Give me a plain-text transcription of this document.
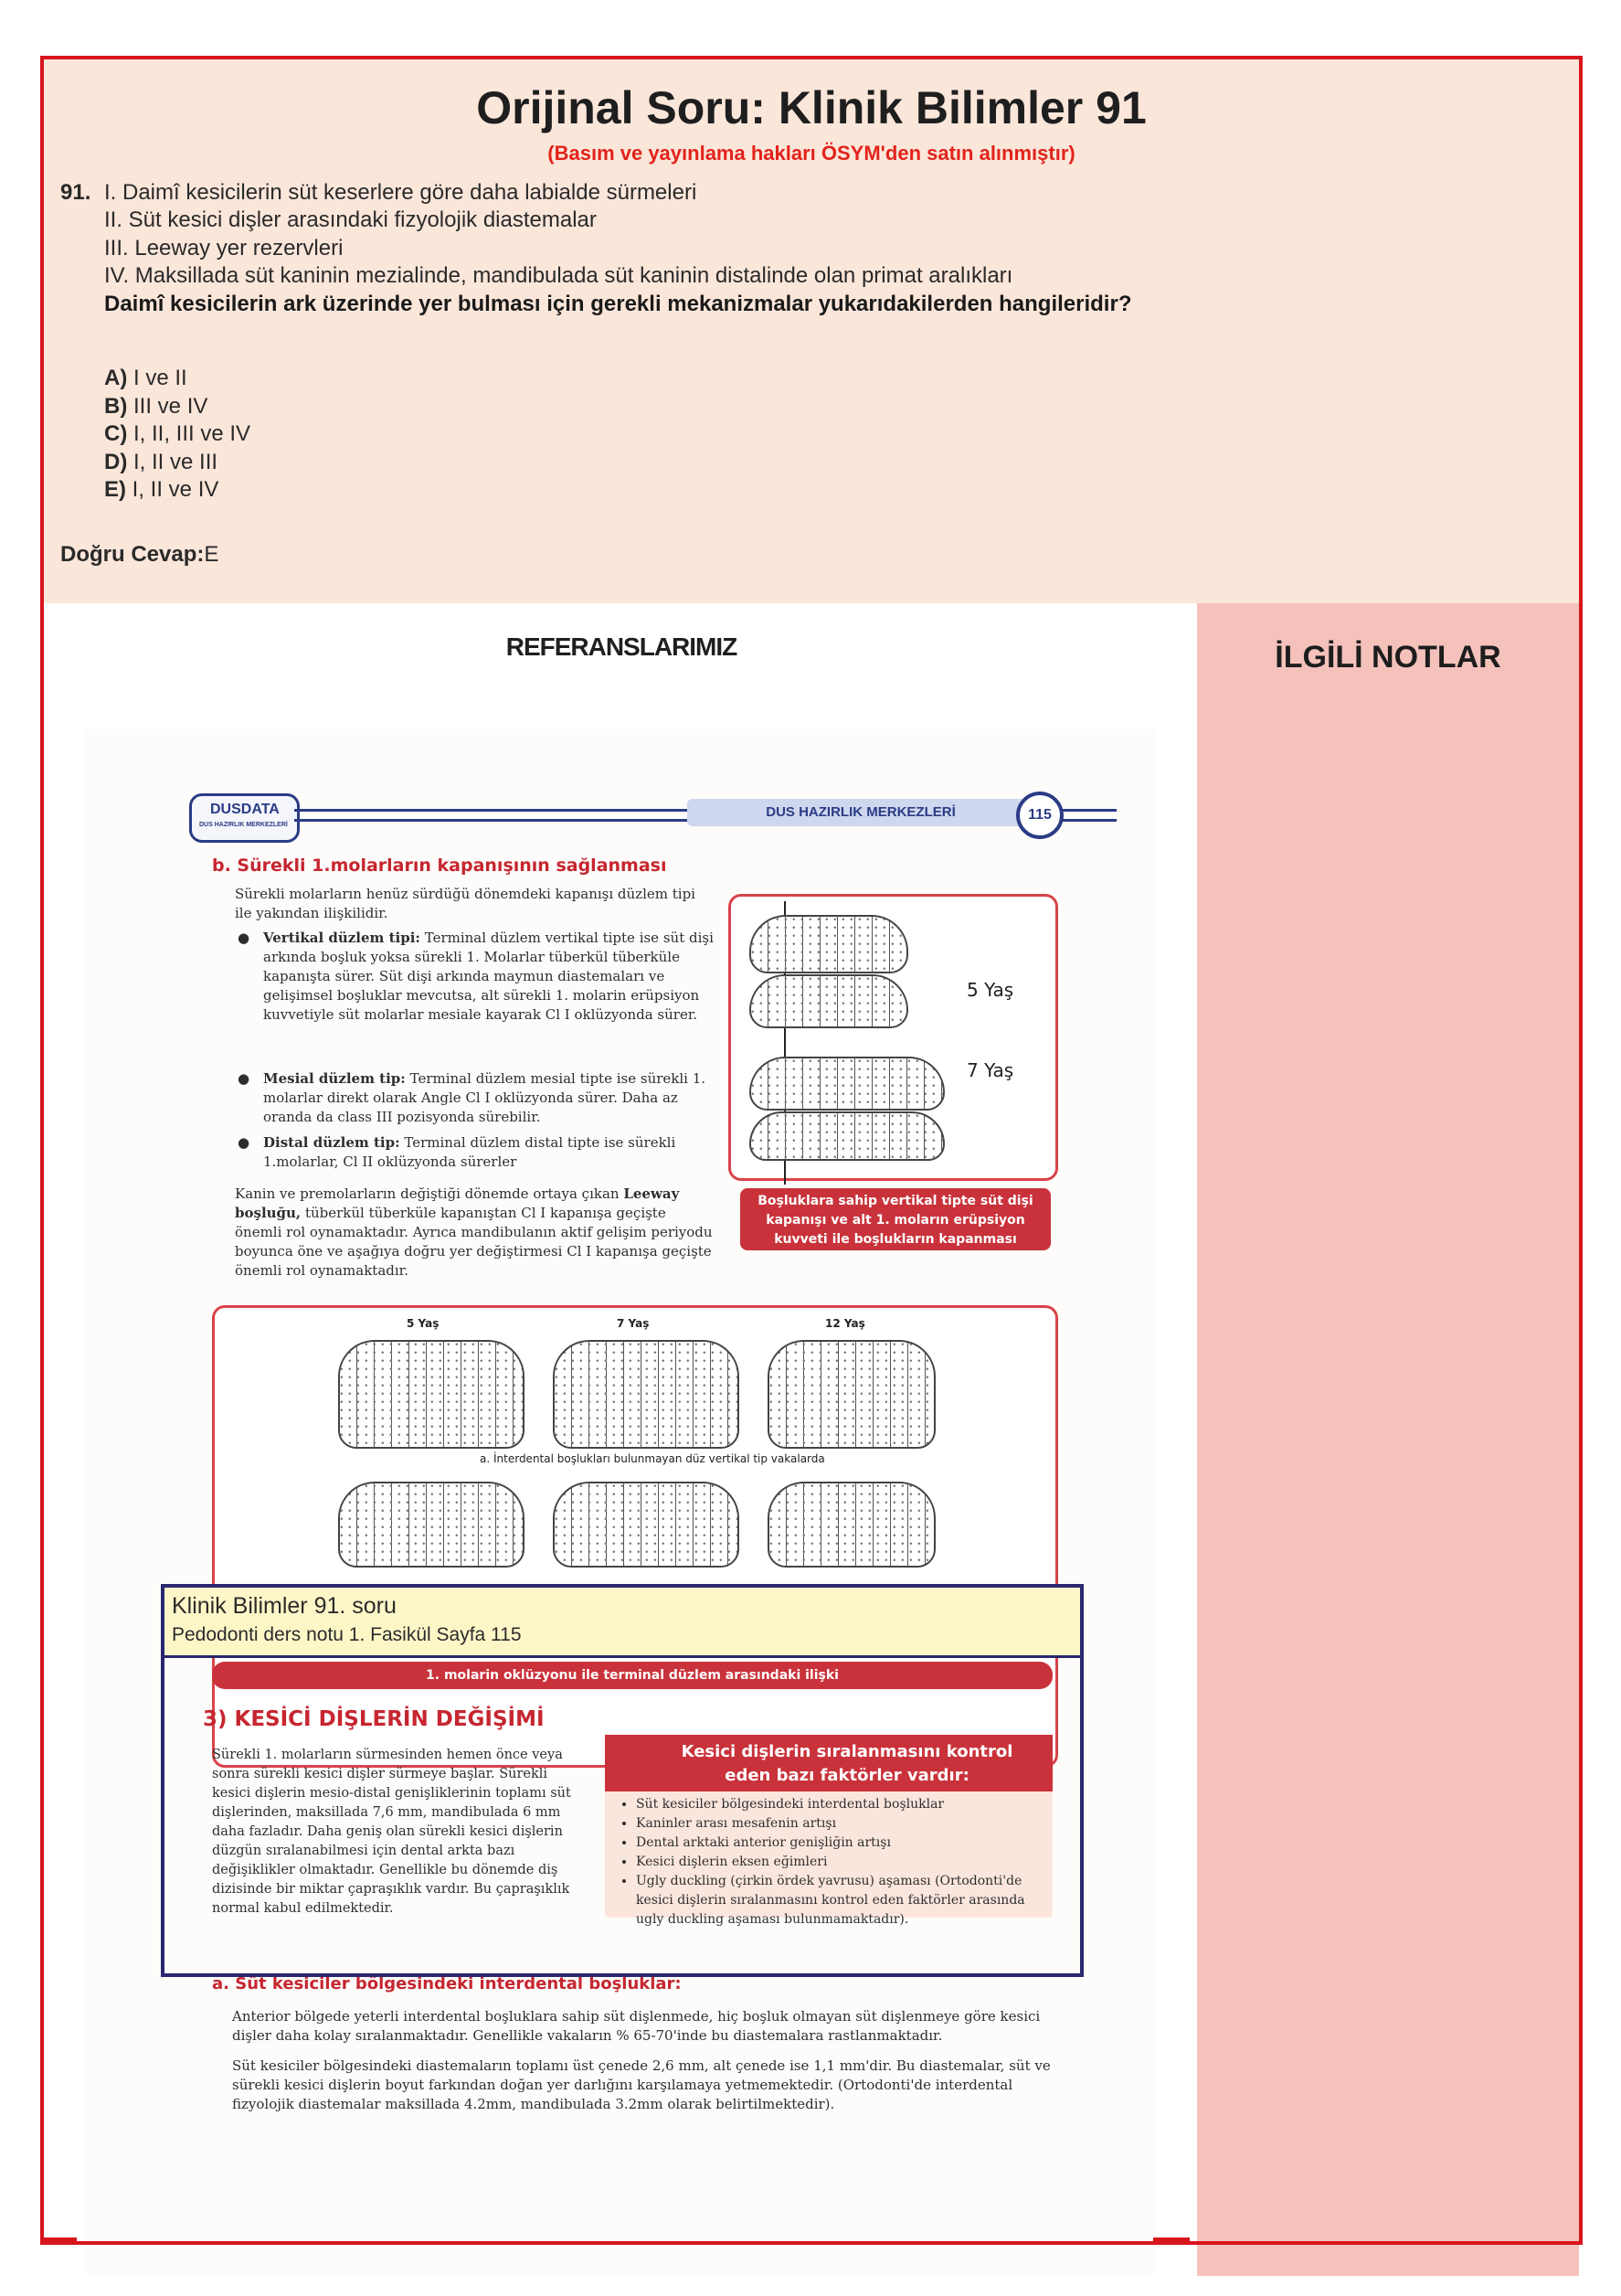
Orijinal Soru: Klinik Bilimler 91
(Basım ve yayınlama hakları ÖSYM'den satın alınmıştır)
91. I. Daimî kesicilerin süt keserlere göre daha labialde sürmeleri
II. Süt kesici dişler arasındaki fizyolojik diastemalar
III. Leeway yer rezervleri
IV. Maksillada süt kaninin mezialinde, mandibulada süt kaninin distalinde olan primat aralıkları
Daimî kesicilerin ark üzerinde yer bulması için gerekli mekanizmalar yukarıdakilerden hangileridir?
A) I ve II
B) III ve IV
C) I, II, III ve IV
D) I, II ve III
E) I, II ve IV
Doğru Cevap:E
İLGİLİ NOTLAR
REFERANSLARIMIZ
DUSDATA
DUS HAZIRLIK MERKEZLERİ
DUS HAZIRLIK MERKEZLERİ	115
b. Sürekli 1.molarların kapanışının sağlanması
Sürekli molarların henüz sürdüğü dönemdeki kapanışı düzlem tipi ile yakından ilişkilidir.
● Vertikal düzlem tipi: Terminal düzlem vertikal tipte ise süt dişi arkında boşluk yoksa sürekli 1. Molarlar tüberkül tüberküle kapanışta sürer. Süt dişi arkında maymun diastemaları ve gelişimsel boşluklar mevcutsa, alt sürekli 1. molarin erüpsiyon kuvvetiyle süt molarlar mesiale kayarak Cl I oklüzyonda sürer.
● Mesial düzlem tip: Terminal düzlem mesial tipte ise sürekli 1. molarlar direkt olarak Angle Cl I oklüzyonda sürer. Daha az oranda da class III pozisyonda sürebilir.
● Distal düzlem tip: Terminal düzlem distal tipte ise sürekli 1.molarlar, Cl II oklüzyonda sürerler
Kanin ve premolarların değiştiği dönemde ortaya çıkan Leeway boşluğu, tüberkül tüberküle kapanıştan Cl I kapanışa geçişte önemli rol oynamaktadır. Ayrıca mandibulanın aktif gelişim periyodu boyunca öne ve aşağıya doğru yer değiştirmesi Cl I kapanışa geçişte önemli rol oynamaktadır.
5 Yaş
7 Yaş
Boşluklara sahip vertikal tipte süt dişi kapanışı ve alt 1. moların erüpsiyon kuvveti ile boşlukların kapanması
5 Yaş	7 Yaş	12 Yaş
a. İnterdental boşlukları bulunmayan düz vertikal tip vakalarda
1. molarin oklüzyonu ile terminal düzlem arasındaki ilişki
3) KESİCİ DİŞLERİN DEĞİŞİMİ
Sürekli 1. molarların sürmesinden hemen önce veya sonra sürekli kesici dişler sürmeye başlar. Sürekli kesici dişlerin mesio-distal genişliklerinin toplamı süt dişlerinden, maksillada 7,6 mm, mandibulada 6 mm daha fazladır. Daha geniş olan sürekli kesici dişlerin düzgün sıralanabilmesi için dental arkta bazı değişiklikler olmaktadır. Genellikle bu dönemde diş dizisinde bir miktar çapraşıklık vardır. Bu çapraşıklık normal kabul edilmektedir.
Kesici dişlerin sıralanmasını kontrol eden bazı faktörler vardır:
• Süt kesiciler bölgesindeki interdental boşluklar
• Kaninler arası mesafenin artışı
• Dental arktaki anterior genişliğin artışı
• Kesici dişlerin eksen eğimleri
• Ugly duckling (çirkin ördek yavrusu) aşaması (Ortodonti'de kesici dişlerin sıralanmasını kontrol eden faktörler arasında ugly duckling aşaması bulunmamaktadır).
a. Süt kesiciler bölgesindeki interdental boşluklar:
Anterior bölgede yeterli interdental boşluklara sahip süt dişlenmede, hiç boşluk olmayan süt dişlenmeye göre kesici dişler daha kolay sıralanmaktadır. Genellikle vakaların % 65-70'inde bu diastemalara rastlanmaktadır.
Süt kesiciler bölgesindeki diastemaların toplamı üst çenede 2,6 mm, alt çenede ise 1,1 mm'dir. Bu diastemalar, süt ve sürekli kesici dişlerin boyut farkından doğan yer darlığını karşılamaya yetmemektedir. (Ortodonti'de interdental fizyolojik diastemalar maksillada 4.2mm, mandibulada 3.2mm olarak belirtilmektedir).
Klinik Bilimler 91. soru
Pedodonti ders notu 1. Fasikül Sayfa 115
